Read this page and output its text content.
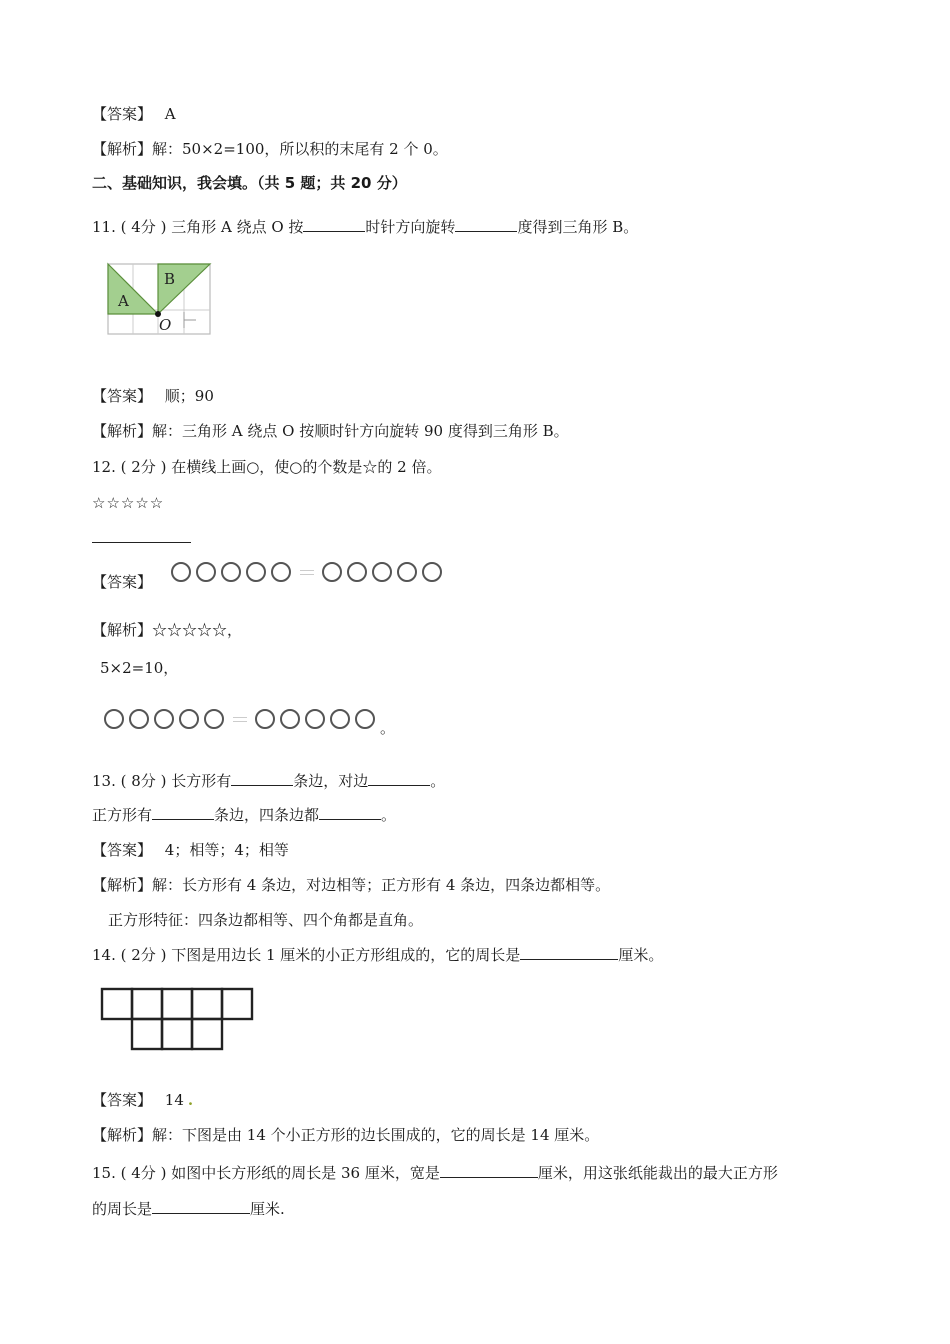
【答案】 A
【解析】解：50×2=100，所以积的末尾有 2 个 0。
二、基础知识，我会填。（共 5 题；共 20 分）
11. ( 4分 ) 三角形 A 绕点 O 按	时针方向旋转	度得到三角形 B。
A
B
O
【答案】 顺；90
【解析】解：三角形 A 绕点 O 按顺时针方向旋转 90 度得到三角形 B。
12. ( 2分 ) 在横线上画○，使○的个数是☆的 2 倍。
☆☆☆☆☆
【答案】
【解析】☆☆☆☆☆，
5×2=10，
。
13. ( 8分 ) 长方形有	条边，对边	。
正方形有	条边，四条边都	。
【答案】 4；相等；4；相等
【解析】解：长方形有 4 条边，对边相等；正方形有 4 条边，四条边都相等。
正方形特征：四条边都相等、四个角都是直角。
14. ( 2分 ) 下图是用边长 1 厘米的小正方形组成的，它的周长是	厘米。
【答案】 14 .
【解析】解：下图是由 14 个小正方形的边长围成的，它的周长是 14 厘米。
15. ( 4分 ) 如图中长方形纸的周长是 36 厘米，宽是	厘米，用这张纸能裁出的最大正方形
的周长是	厘米.
